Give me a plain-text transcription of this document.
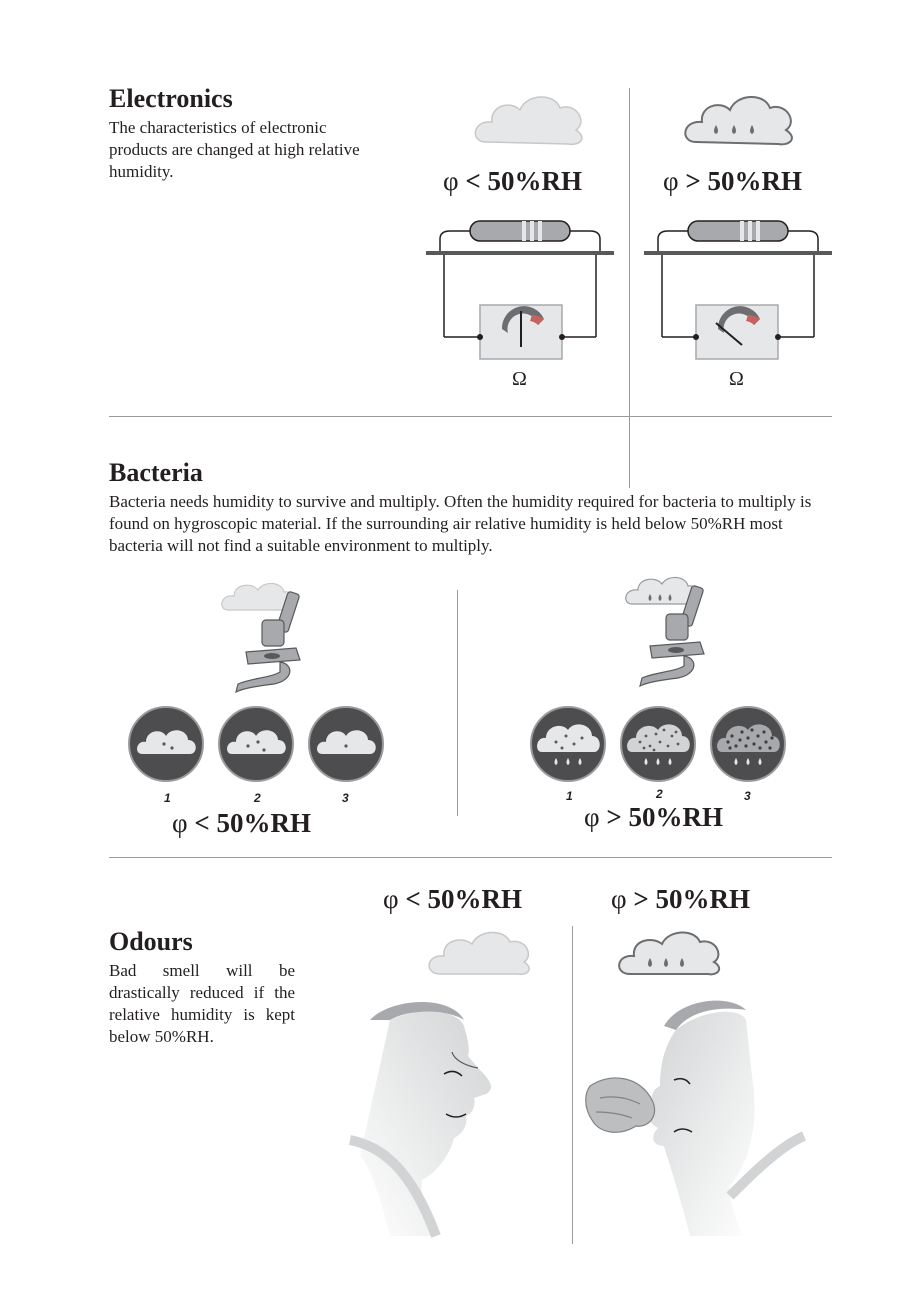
Electronics

The characteristics of electronic products are changed at high relative humidity.	φ < 50%RH	φ > 50%RH
Ω	Ω
Bacteria

Bacteria needs humidity to survive and multiply. Often the humidity required for bacteria to multiply is found on hygroscopic material. If the surrounding air relative humidity is held below 50%RH most bacteria will not find a suitable environment to multiply.

1	2	3
φ < 50%RH
1	2	3
φ > 50%RH
φ < 50%RH	φ > 50%RH
Odours

Bad smell will be drastically reduced if the relative humidity is kept below 50%RH.
